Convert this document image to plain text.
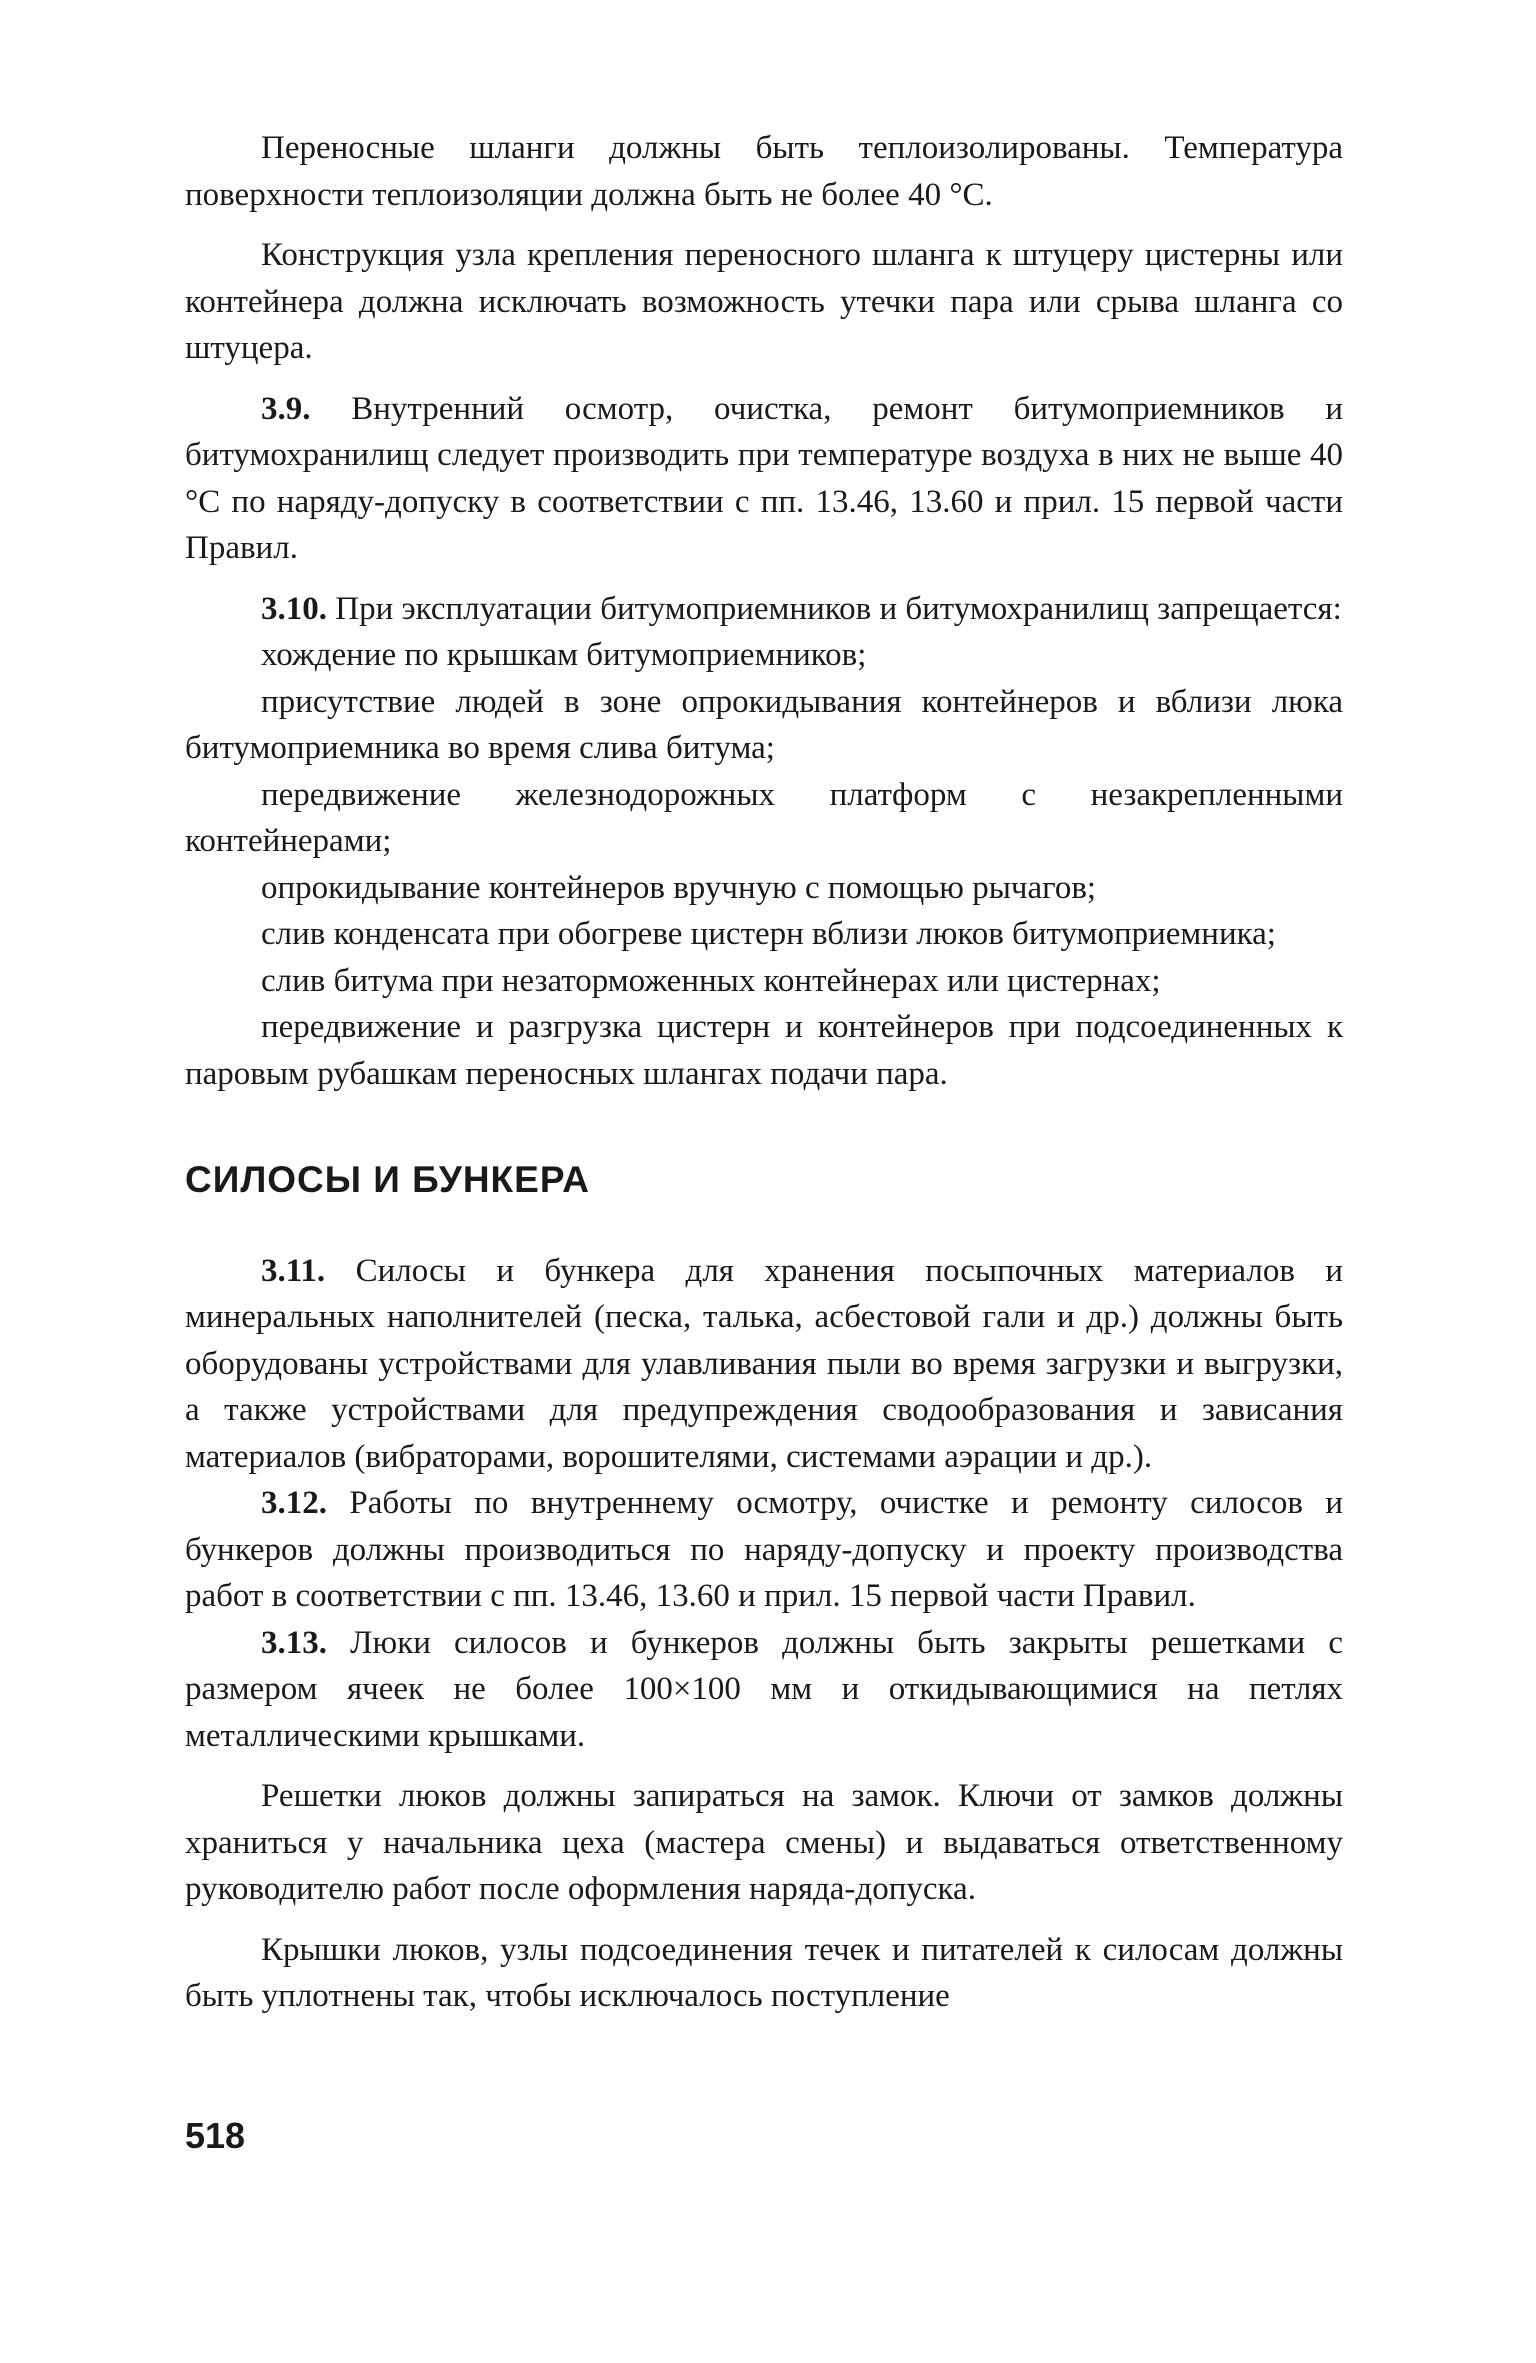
Переносные шланги должны быть теплоизолированы. Температура поверхности теплоизоляции должна быть не более 40 °С.

Конструкция узла крепления переносного шланга к штуцеру цистерны или контейнера должна исключать возможность утечки пара или срыва шланга со штуцера.

3.9. Внутренний осмотр, очистка, ремонт битумоприемников и битумохранилищ следует производить при температуре воздуха в них не выше 40 °С по наряду-допуску в соответствии с пп. 13.46, 13.60 и прил. 15 первой части Правил.

3.10. При эксплуатации битумоприемников и битумохранилищ запрещается:

хождение по крышкам битумоприемников;

присутствие людей в зоне опрокидывания контейнеров и вблизи люка битумоприемника во время слива битума;

передвижение железнодорожных платформ с незакрепленными контейнерами;

опрокидывание контейнеров вручную с помощью рычагов;

слив конденсата при обогреве цистерн вблизи люков битумоприемника;

слив битума при незаторможенных контейнерах или цистернах;

передвижение и разгрузка цистерн и контейнеров при подсоединенных к паровым рубашкам переносных шлангах подачи пара.

СИЛОСЫ И БУНКЕРА

3.11. Силосы и бункера для хранения посыпочных материалов и минеральных наполнителей (песка, талька, асбестовой гали и др.) должны быть оборудованы устройствами для улавливания пыли во время загрузки и выгрузки, а также устройствами для предупреждения сводообразования и зависания материалов (вибраторами, ворошителями, системами аэрации и др.).

3.12. Работы по внутреннему осмотру, очистке и ремонту силосов и бункеров должны производиться по наряду-допуску и проекту производства работ в соответствии с пп. 13.46, 13.60 и прил. 15 первой части Правил.

3.13. Люки силосов и бункеров должны быть закрыты решетками с размером ячеек не более 100×100 мм и откидывающимися на петлях металлическими крышками.

Решетки люков должны запираться на замок. Ключи от замков должны храниться у начальника цеха (мастера смены) и выдаваться ответственному руководителю работ после оформления наряда-допуска.

Крышки люков, узлы подсоединения течек и питателей к силосам должны быть уплотнены так, чтобы исключалось поступление

518
